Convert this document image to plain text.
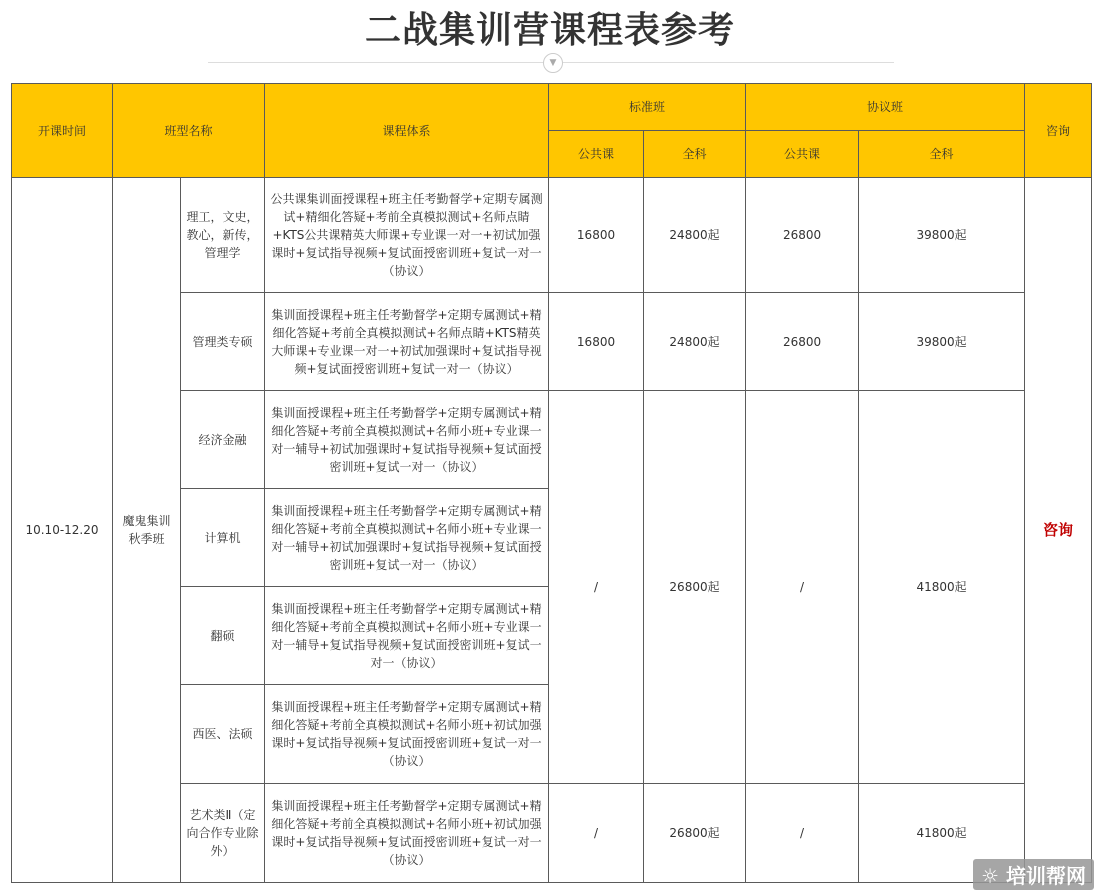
二战集训营课程表参考
▼
开课时间	班型名称		课程体系	标准班		协议班		咨询
				公共课	全科	公共课	全科	
10.10-12.20	魔鬼集训秋季班	理工，文史，教心，新传，管理学	公共课集训面授课程+班主任考勤督学+定期专属测试+精细化答疑+考前全真模拟测试+名师点睛+KTS公共课精英大师课+专业课一对一+初试加强课时+复试指导视频+复试面授密训班+复试一对一（协议）	16800	24800起	26800	39800起	咨询
		管理类专硕	集训面授课程+班主任考勤督学+定期专属测试+精细化答疑+考前全真模拟测试+名师点睛+KTS精英大师课+专业课一对一+初试加强课时+复试指导视频+复试面授密训班+复试一对一（协议）	16800	24800起	26800	39800起	
		经济金融	集训面授课程+班主任考勤督学+定期专属测试+精细化答疑+考前全真模拟测试+名师小班+专业课一对一辅导+初试加强课时+复试指导视频+复试面授密训班+复试一对一（协议）	/	26800起	/	41800起	
		计算机	集训面授课程+班主任考勤督学+定期专属测试+精细化答疑+考前全真模拟测试+名师小班+专业课一对一辅导+初试加强课时+复试指导视频+复试面授密训班+复试一对一（协议）					
		翻硕	集训面授课程+班主任考勤督学+定期专属测试+精细化答疑+考前全真模拟测试+名师小班+专业课一对一辅导+复试指导视频+复试面授密训班+复试一对一（协议）					
		西医、法硕	集训面授课程+班主任考勤督学+定期专属测试+精细化答疑+考前全真模拟测试+名师小班+初试加强课时+复试指导视频+复试面授密训班+复试一对一（协议）					
		艺术类Ⅱ（定向合作专业除外）	集训面授课程+班主任考勤督学+定期专属测试+精细化答疑+考前全真模拟测试+名师小班+初试加强课时+复试指导视频+复试面授密训班+复试一对一（协议）	/	26800起	/	41800起	
☼ 培训帮网
